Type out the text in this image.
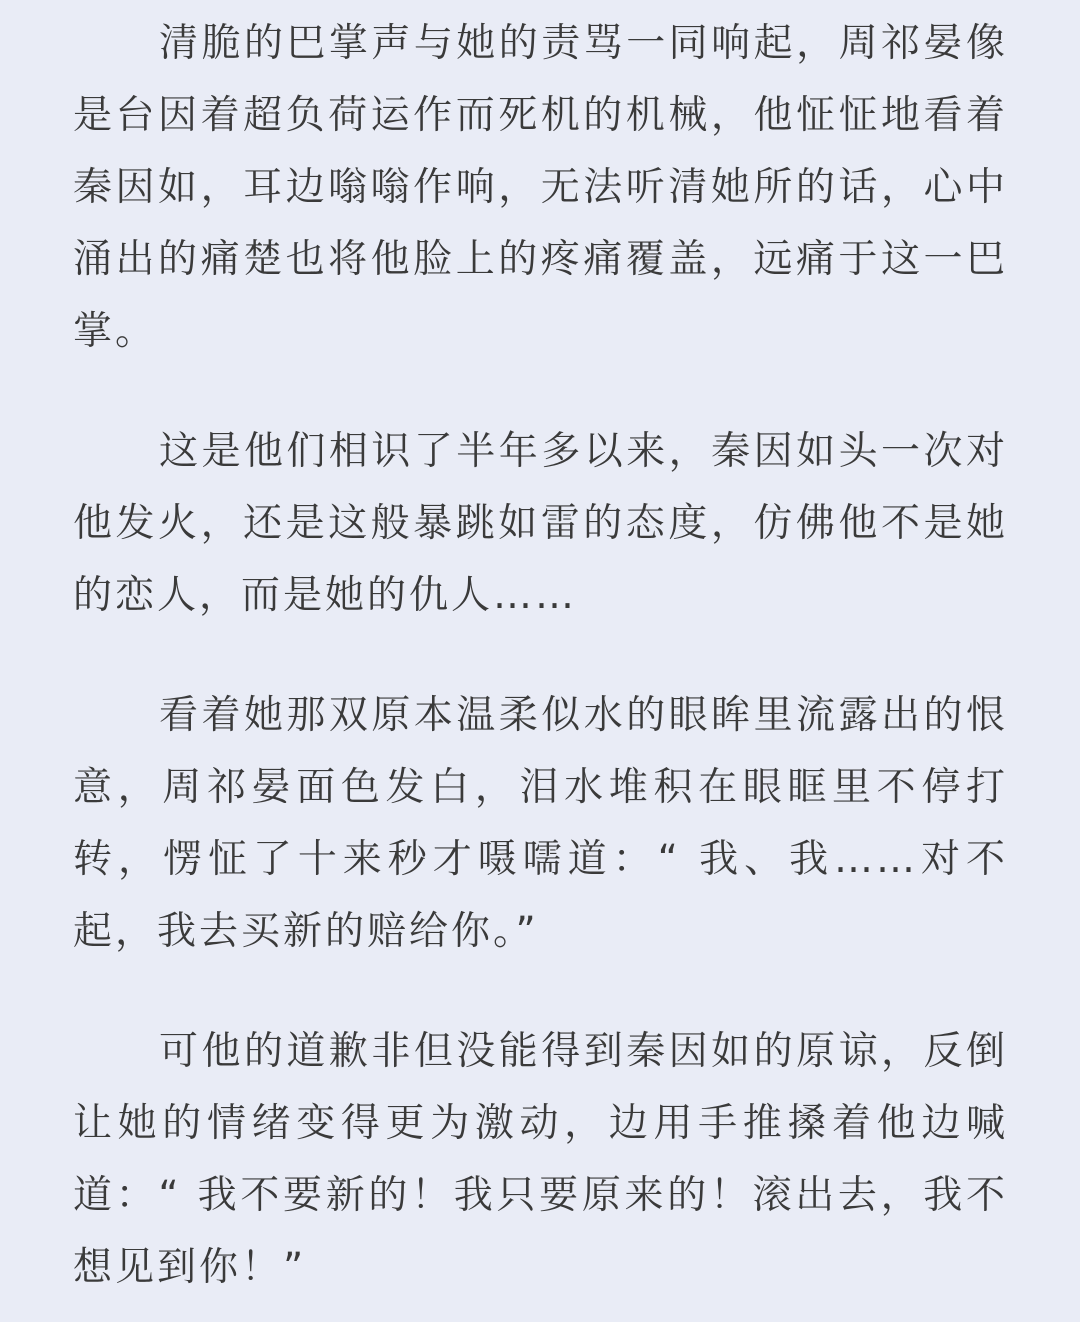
清脆的巴掌声与她的责骂一同响起，周祁晏像是台因着超负荷运作而死机的机械，他怔怔地看着秦因如，耳边嗡嗡作响，无法听清她所的话，心中涌出的痛楚也将他脸上的疼痛覆盖，远痛于这一巴掌。

这是他们相识了半年多以来，秦因如头一次对他发火，还是这般暴跳如雷的态度，仿佛他不是她的恋人，而是她的仇人……

看着她那双原本温柔似水的眼眸里流露出的恨意，周祁晏面色发白，泪水堆积在眼眶里不停打转，愣怔了十来秒才嗫嚅道：“ 我、我……对不起，我去买新的赔给你。”

可他的道歉非但没能得到秦因如的原谅，反倒让她的情绪变得更为激动，边用手推搡着他边喊道：“ 我不要新的！我只要原来的！滚出去，我不想见到你！”
